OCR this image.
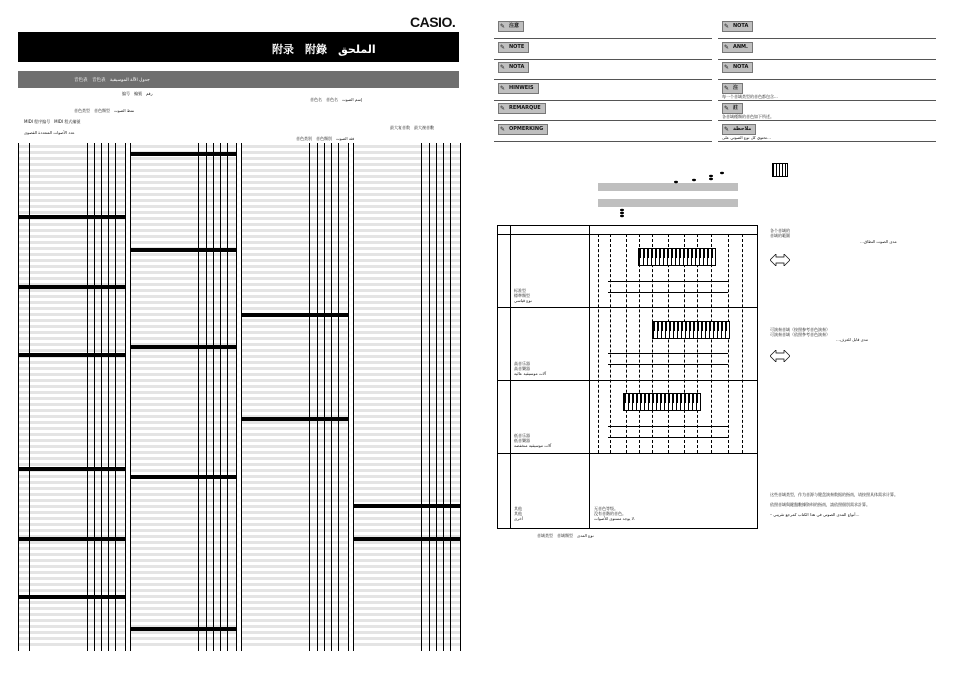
CASIO.
附录　附錄　الملحق
音色表　音色表　جدول الآلة الموسيقية
编号　編號　رقم
音色名　音色名　إسم الصوت
音色类型　音色類型　نمط الصوت
最大复音数　最大複音數
MIDI 程序编号　MIDI 程式編號
عدد الأصوات المتعددة القصوى
音色类别　音色類別　فئة الصوت
✎ 注意
✎ NOTE
✎ NOTA
✎ HINWEIS
✎ REMARQUE
✎ OPMERKING
✎ NOTA
✎ ANM.
✎ NOTA
✎ 注
每一个音域类型的音色都包含...
✎ 註
各音域種類的音色如下所述。
✎ ملاحظة
تحتوي كل نوع الصوتي على...
标准型
標準類型
نوع قياسي
高音乐器
高音樂器
آلات موسيقية عالية
低音乐器
低音樂器
آلات موسيقية منخفضة
其他
其他
أخرى
无音色等级。
没有音階的音色。
لا يوجد مستوى للأصوات.
音域类型　音域類型　نوع المدى
各个音域的
音域的範圍
…مدى الصوت النطاق
可演奏音域（按照参考音色演奏）
可演奏音域（依照參考音色演奏）
…مدى قابل للعزف
这些音域类型，作为音源与键盘演奏数据的指南，请按照具体需求计算。
依照音域與鍵盤數據資料的指南，請依照個別需求計算。
– أنواع المدى الصوتي في هذا الكتاب كمرجع تقريبي…
